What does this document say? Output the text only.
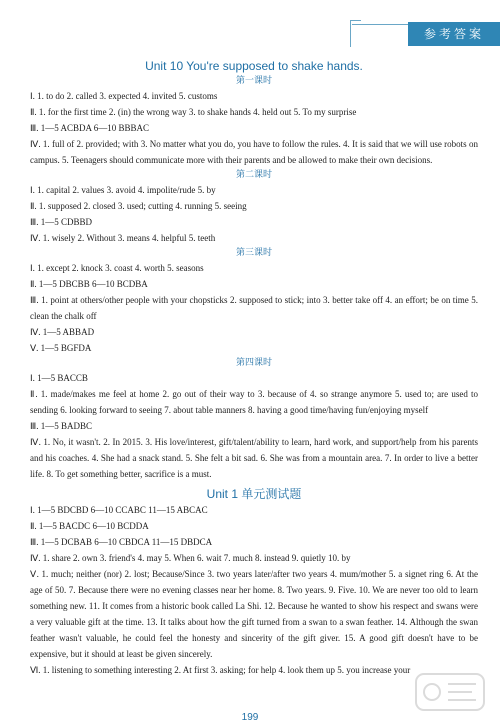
参考答案

Unit 10 You're supposed to shake hands.

第一课时

Ⅰ. 1. to do 2. called 3. expected 4. invited 5. customs

Ⅱ. 1. for the first time 2. (in) the wrong way 3. to shake hands 4. held out 5. To my surprise

Ⅲ. 1—5 ACBDA 6—10 BBBAC

Ⅳ. 1. full of 2. provided; with 3. No matter what you do, you have to follow the rules. 4. It is said that we will use robots on campus. 5. Teenagers should communicate more with their parents and be allowed to make their own decisions.

第二课时

Ⅰ. 1. capital 2. values 3. avoid 4. impolite/rude 5. by

Ⅱ. 1. supposed 2. closed 3. used; cutting 4. running 5. seeing

Ⅲ. 1—5 CDBBD

Ⅳ. 1. wisely 2. Without 3. means 4. helpful 5. teeth

第三课时

Ⅰ. 1. except 2. knock 3. coast 4. worth 5. seasons

Ⅱ. 1—5 DBCBB 6—10 BCDBA

Ⅲ. 1. point at others/other people with your chopsticks 2. supposed to stick; into 3. better take off 4. an effort; be on time 5. clean the chalk off

Ⅳ. 1—5 ABBAD

Ⅴ. 1—5 BGFDA

第四课时

Ⅰ. 1—5 BACCB

Ⅱ. 1. made/makes me feel at home 2. go out of their way to 3. because of 4. so strange anymore 5. used to; are used to sending 6. looking forward to seeing 7. about table manners 8. having a good time/having fun/enjoying myself

Ⅲ. 1—5 BADBC

Ⅳ. 1. No, it wasn't. 2. In 2015. 3. His love/interest, gift/talent/ability to learn, hard work, and support/help from his parents and his coaches. 4. She had a snack stand. 5. She felt a bit sad. 6. She was from a mountain area. 7. In order to live a better life. 8. To get something better, sacrifice is a must.

Unit 1 单元测试题

Ⅰ. 1—5 BDCBD 6—10 CCABC 11—15 ABCAC

Ⅱ. 1—5 BACDC 6—10 BCDDA

Ⅲ. 1—5 DCBAB 6—10 CBDCA 11—15 DBDCA

Ⅳ. 1. share 2. own 3. friend's 4. may 5. When 6. wait 7. much 8. instead 9. quietly 10. by

Ⅴ. 1. much; neither (nor) 2. lost; Because/Since 3. two years later/after two years 4. mum/mother 5. a signet ring 6. At the age of 50. 7. Because there were no evening classes near her home. 8. Two years. 9. Five. 10. We are never too old to learn something new. 11. It comes from a historic book called La Shi. 12. Because he wanted to show his respect and swans were a very valuable gift at the time. 13. It talks about how the gift turned from a swan to a swan feather. 14. Although the swan feather wasn't valuable, he could feel the honesty and sincerity of the gift giver. 15. A good gift doesn't have to be expensive, but it should at least be given sincerely.

Ⅵ. 1. listening to something interesting 2. At first 3. asking; for help 4. look them up 5. you increase your

199
